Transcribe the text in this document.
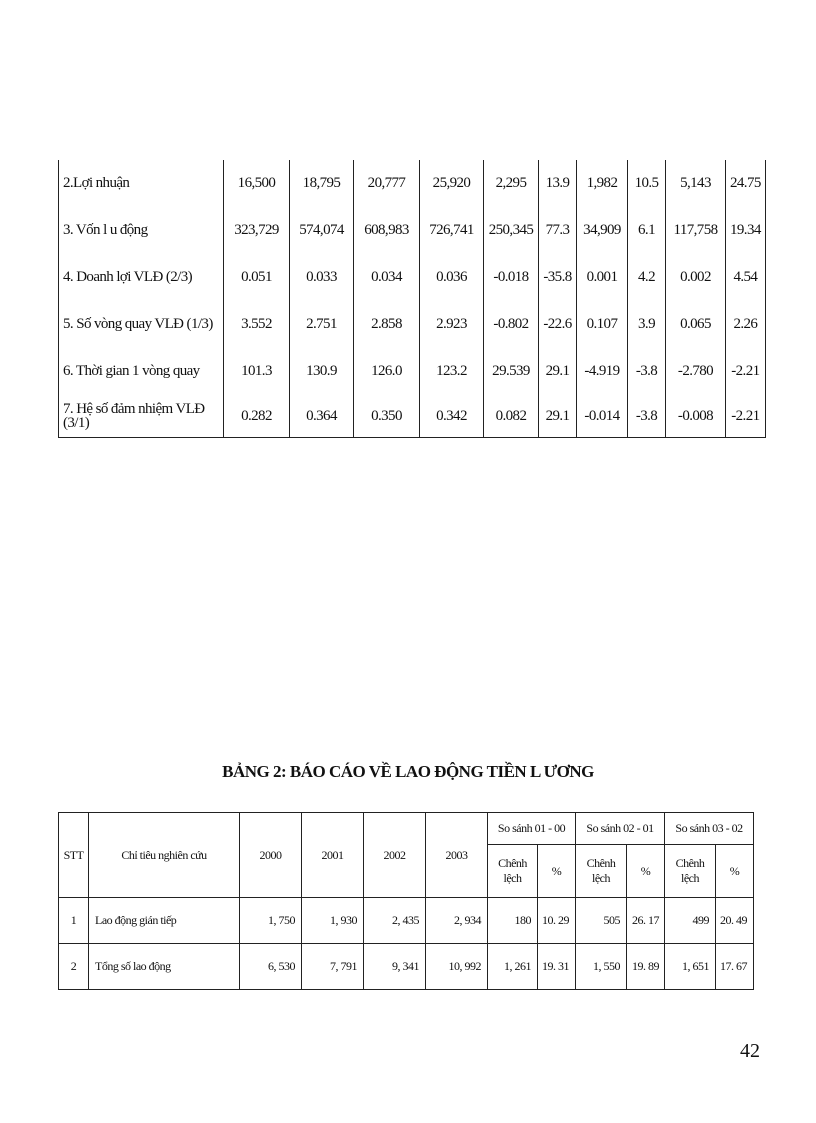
2.Lợi nhuận	16,500	18,795	20,777	25,920	2,295	13.9	1,982	10.5	5,143	24.75
3. Vốn l u động	323,729	574,074	608,983	726,741	250,345	77.3	34,909	6.1	117,758	19.34
4. Doanh lợi VLĐ (2/3)	0.051	0.033	0.034	0.036	-0.018	-35.8	0.001	4.2	0.002	4.54
5. Số vòng quay VLĐ (1/3)	3.552	2.751	2.858	2.923	-0.802	-22.6	0.107	3.9	0.065	2.26
6. Thời gian 1 vòng quay	101.3	130.9	126.0	123.2	29.539	29.1	-4.919	-3.8	-2.780	-2.21
7. Hệ số đảm nhiệm VLĐ (3/1)	0.282	0.364	0.350	0.342	0.082	29.1	-0.014	-3.8	-0.008	-2.21
BẢNG 2: BÁO CÁO VỀ LAO ĐỘNG TIỀN L ƯƠNG
STT	Chỉ tiêu nghiên cứu	2000	2001	2002	2003	So sánh 01 - 00		So sánh 02 - 01		So sánh 03 - 02	
						Chênh lệch	%	Chênh lệch	%	Chênh lệch	%
1	Lao động gián tiếp	1, 750	1, 930	2, 435	2, 934	180	10. 29	505	26. 17	499	20. 49
2	Tổng số lao động	6, 530	7, 791	9, 341	10, 992	1, 261	19. 31	1, 550	19. 89	1, 651	17. 67
42
